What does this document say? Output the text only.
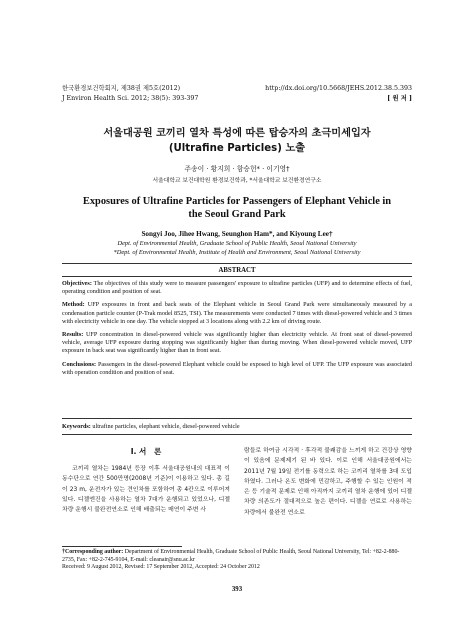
한국환경보건학회지, 제38권 제5호(2012)
J Environ Health Sci. 2012; 38(5): 393-397
http://dx.doi.org/10.5668/JEHS.2012.38.5.393
[ 원 저 ]
서울대공원 코끼리 열차 특성에 따른 탑승자의 초극미세입자
(Ultrafine Particles) 노출
주송이 · 황지희 · 함승헌* · 이기영†
서울대학교 보건대학원 환경보건학과, *서울대학교 보건환경연구소
Exposures of Ultrafine Particles for Passengers of Elephant Vehicle in
the Seoul Grand Park
Songyi Joo, Jihee Hwang, Seunghon Ham*, and Kiyoung Lee†
Dept. of Environmental Health, Graduate School of Public Health, Seoul National University
*Dept. of Environmental Health, Institute of Health and Environment, Seoul National University
ABSTRACT

Objectives: The objectives of this study were to measure passengers' exposure to ultrafine particles (UFP) and to determine effects of fuel, operating condition and position of seat.

Method: UFP exposures in front and back seats of the Elephant vehicle in Seoul Grand Park were simultaneously measured by a condensation particle counter (P-Trak model 8525, TSI). The measurements were conducted 7 times with diesel-powered vehicle and 3 times with electricity vehicle in one day. The vehicle stopped at 3 locations along with 2.2 km of driving route.

Results: UFP concentration in diesel-powered vehicle was significantly higher than electricity vehicle. At front seat of diesel-powered vehicle, average UFP exposure during stopping was significantly higher than during moving. When diesel-powered vehicle moved, UFP exposure in back seat was significantly higher than in front seat.

Conclusions: Passengers in the diesel-powered Elephant vehicle could be exposed to high level of UFP. The UFP exposure was associated with operation condition and position of seat.

Keywords: ultrafine particles, elephant vehicle, diesel-powered vehicle
I. 서　론
코끼리 열차는 1984년 등장 이후 서울대공원내의 대표적 이동수단으로 연간 500만명(2008년 기준)이 이용하고 있다. 총 길이 23 m, 운전자가 있는 견인차를 포함하여 총 4칸으로 이루어져 있다. 디젤엔진을 사용하는 열차 7대가 운행되고 있었으나, 디젤차량 운행시 불완전연소로 인해 배출되는 매연이 주변 사
람들로 하여금 시각적 · 후각적 불쾌감을 느끼게 하고 건강상 영향이 있음에 문제제기 된 바 있다. 이로 인해 서울대공원에서는 2011년 7월 19일 전기를 동력으로 하는 코끼리 열차를 3대 도입하였다. 그러나 온도 변화에 민감하고, 주행할 수 있는 인원이 적은 등 기술적 문제로 인해 아직까지 코끼리 열차 운행에 있어 디젤차량 의존도가 절대적으로 높은 편이다. 디젤을 연료로 사용하는 차량에서 불완전 연소로
†Corresponding author: Department of Environmental Health, Graduate School of Public Health, Seoul National University, Tel: +82-2-880-2735, Fax: +82-2-745-9104, E-mail: cleanair@snu.ac.kr
Received: 9 August 2012, Revised: 17 September 2012, Accepted: 24 October 2012
393
